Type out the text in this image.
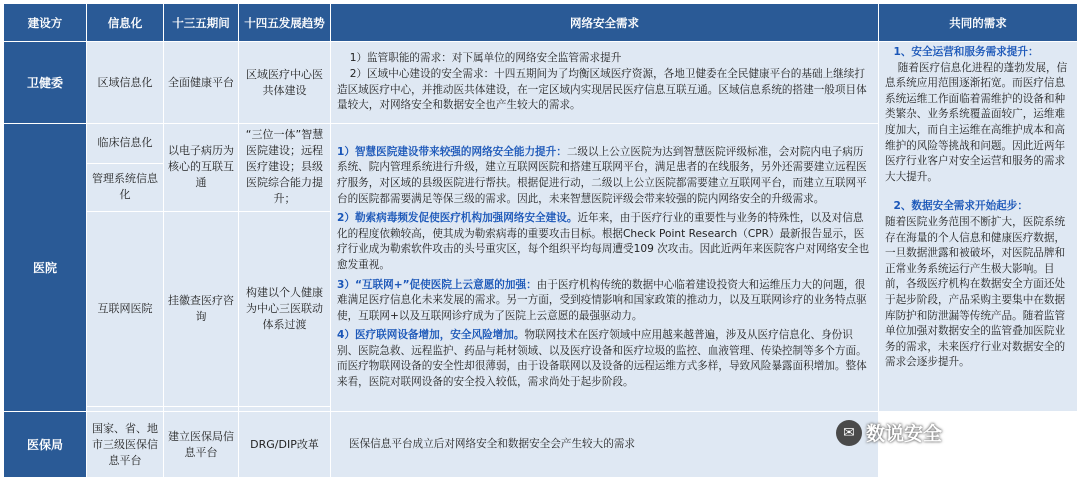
建设方	信息化	十三五期间	十四五发展趋势	网络安全需求	共同的需求
卫健委	区域信息化	全面健康平台	区域医疗中心医共体建设	1）监管职能的需求：对下属单位的网络安全监管需求提升
2）区域中心建设的安全需求：十四五期间为了均衡区域医疗资源，各地卫健委在全民健康平台的基础上继续打造区域医疗中心，并推动医共体建设，在一定区域内实现居民医疗信息互联互通。区域信息系统的搭建一般项目体量较大，对网络安全和数据安全也产生较大的需求。	1、安全运营和服务需求提升：
随着医疗信息化进程的蓬勃发展，信息系统应用范围逐渐拓宽。而医疗信息系统运维工作面临着需维护的设备和种类繁杂、业务系统覆盖面较广，运维难度加大，而自主运维在高维护成本和高维护的风险等挑战和问题。因此近两年医疗行业客户对安全运营和服务的需求大大提升。
2、数据安全需求开始起步：
随着医院业务范围不断扩大，医院系统存在海量的个人信息和健康医疗数据，一旦数据泄露和被破坏，对医院品牌和正常业务系统运行产生极大影响。目前，各级医疗机构在数据安全方面还处于起步阶段，产品采购主要集中在数据库防护和防泄漏等传统产品。随着监管单位加强对数据安全的监管叠加医院业务的需求，未来医疗行业对数据安全的需求会逐步提升。

医院	临床信息化	以电子病历为核心的互联互通	“三位一体”智慧医院建设；远程医疗建设；县级医院综合能力提升；	1）智慧医院建设带来较强的网络安全能力提升：二级以上公立医院为达到智慧医院评级标准，会对院内电子病历系统、院内管理系统进行升级，建立互联网医院和搭建互联网平台，满足患者的在线服务，另外还需要建立远程医疗服务，对区域的县级医院进行帮扶。根据促进行动，二级以上公立医院都需要建立互联网平台，而建立互联网平台的医院都需要满足等保三级的需求。因此，未来智慧医院评级会带来较强的院内网络安全的升级需求。
2）勒索病毒频发促使医疗机构加强网络安全建设。近年来，由于医疗行业的重要性与业务的特殊性，以及对信息化的程度依赖较高，使其成为勒索病毒的重要攻击目标。根据Check Point Research（CPR）最新报告显示，医疗行业成为勒索软件攻击的头号重灾区，每个组织平均每周遭受109 次攻击。因此近两年来医院客户对网络安全也愈发重视。
3）“互联网+”促使医院上云意愿的加强：由于医疗机构传统的数据中心临着建设投资大和运维压力大的问题，很难满足医疗信息化未来发展的需求。另一方面，受到疫情影响和国家政策的推动力，以及互联网诊疗的业务特点驱使，互联网+以及互联网诊疗成为了医院上云意愿的最强驱动力。
4）医疗联网设备增加，安全风险增加。物联网技术在医疗领域中应用越来越普遍，涉及从医疗信息化、身份识别、医院急救、远程监护、药品与耗材领域、以及医疗设备和医疗垃圾的监控、血液管理、传染控制等多个方面。而医疗物联网设备的安全性却很薄弱，由于设备联网以及设备的远程运维方式多样，导致风险暴露面积增加。整体来看，医院对联网设备的安全投入较低，需求尚处于起步阶段。	

	管理系统信息化				
	互联网医院	挂徽查医疗咨询	构建以个人健康为中心三医联动体系过渡		

医保局	国家、省、地市三级医保信息平台	建立医保局信息平台	DRG/DIP改革	医保信息平台成立后对网络安全和数据安全会产生较大的需求	
✉ 数说安全
